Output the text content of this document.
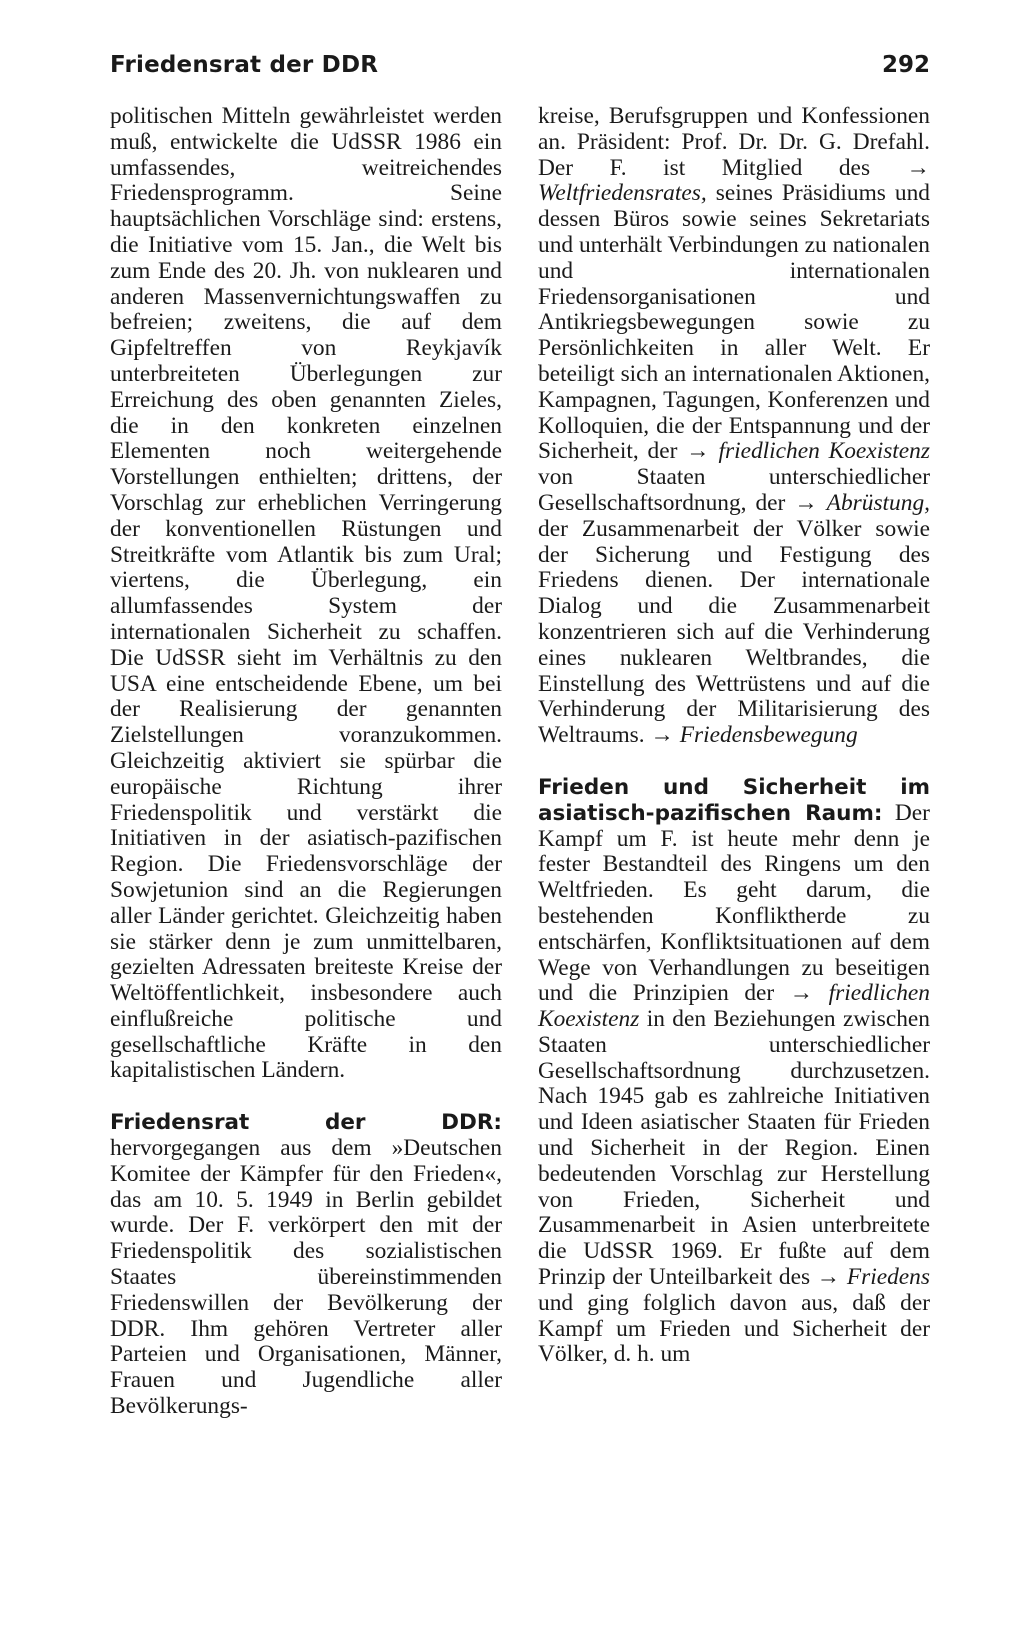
Friedensrat der DDR	292

politischen Mitteln gewährleistet werden muß, entwickelte die UdSSR 1986 ein umfassendes, weitreichendes Friedensprogramm. Seine hauptsächlichen Vorschläge sind: erstens, die Initiative vom 15. Jan., die Welt bis zum Ende des 20. Jh. von nuklearen und anderen Massenvernichtungswaffen zu befreien; zweitens, die auf dem Gipfeltreffen von Reykjavík unterbreiteten Überlegungen zur Erreichung des oben genannten Zieles, die in den konkreten einzelnen Elementen noch weitergehende Vorstellungen enthielten; drittens, der Vorschlag zur erheblichen Verringerung der konventionellen Rüstungen und Streitkräfte vom Atlantik bis zum Ural; viertens, die Überlegung, ein allumfassendes System der internationalen Sicherheit zu schaffen. Die UdSSR sieht im Verhältnis zu den USA eine entscheidende Ebene, um bei der Realisierung der genannten Zielstellungen voranzukommen. Gleichzeitig aktiviert sie spürbar die europäische Richtung ihrer Friedenspolitik und verstärkt die Initiativen in der asiatisch-pazifischen Region. Die Friedensvorschläge der Sowjetunion sind an die Regierungen aller Länder gerichtet. Gleichzeitig haben sie stärker denn je zum unmittelbaren, gezielten Adressaten breiteste Kreise der Weltöffentlichkeit, insbesondere auch einflußreiche politische und gesellschaftliche Kräfte in den kapitalistischen Ländern.

Friedensrat der DDR: hervorgegangen aus dem »Deutschen Komitee der Kämpfer für den Frieden«, das am 10. 5. 1949 in Berlin gebildet wurde. Der F. verkörpert den mit der Friedenspolitik des sozialistischen Staates übereinstimmenden Friedenswillen der Bevölkerung der DDR. Ihm gehören Vertreter aller Parteien und Organisationen, Männer, Frauen und Jugendliche aller Bevölkerungs-

kreise, Berufsgruppen und Konfessionen an. Präsident: Prof. Dr. Dr. G. Drefahl. Der F. ist Mitglied des → Weltfriedensrates, seines Präsidiums und dessen Büros sowie seines Sekretariats und unterhält Verbindungen zu nationalen und internationalen Friedensorganisationen und Antikriegsbewegungen sowie zu Persönlichkeiten in aller Welt. Er beteiligt sich an internationalen Aktionen, Kampagnen, Tagungen, Konferenzen und Kolloquien, die der Entspannung und der Sicherheit, der → friedlichen Koexistenz von Staaten unterschiedlicher Gesellschaftsordnung, der → Abrüstung, der Zusammenarbeit der Völker sowie der Sicherung und Festigung des Friedens dienen. Der internationale Dialog und die Zusammenarbeit konzentrieren sich auf die Verhinderung eines nuklearen Weltbrandes, die Einstellung des Wettrüstens und auf die Verhinderung der Militarisierung des Weltraums. → Friedensbewegung

Frieden und Sicherheit im asiatisch-pazifischen Raum: Der Kampf um F. ist heute mehr denn je fester Bestandteil des Ringens um den Weltfrieden. Es geht darum, die bestehenden Konfliktherde zu entschärfen, Konfliktsituationen auf dem Wege von Verhandlungen zu beseitigen und die Prinzipien der → friedlichen Koexistenz in den Beziehungen zwischen Staaten unterschiedlicher Gesellschaftsordnung durchzusetzen. Nach 1945 gab es zahlreiche Initiativen und Ideen asiatischer Staaten für Frieden und Sicherheit in der Region. Einen bedeutenden Vorschlag zur Herstellung von Frieden, Sicherheit und Zusammenarbeit in Asien unterbreitete die UdSSR 1969. Er fußte auf dem Prinzip der Unteilbarkeit des → Friedens und ging folglich davon aus, daß der Kampf um Frieden und Sicherheit der Völker, d. h. um
